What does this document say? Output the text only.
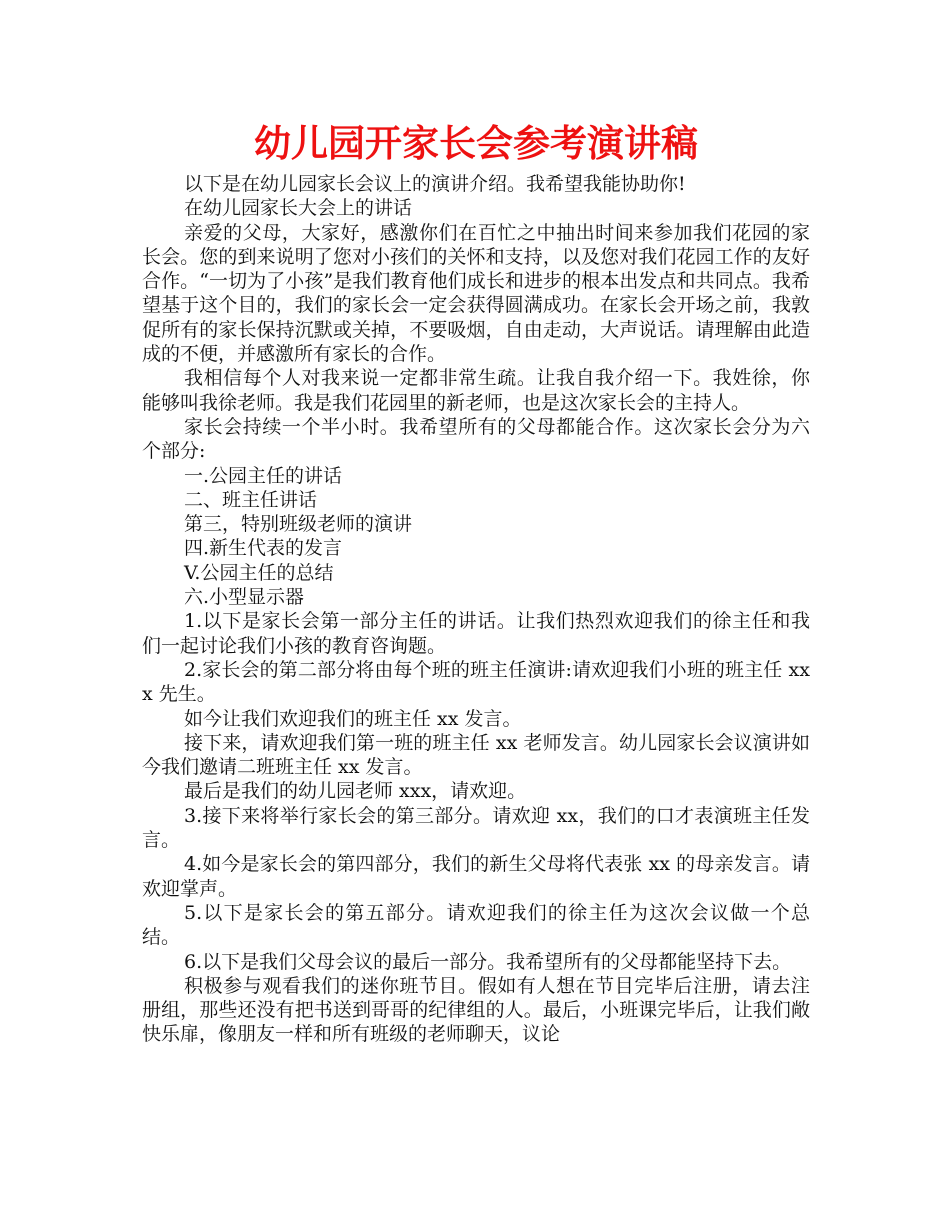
幼儿园开家长会参考演讲稿

以下是在幼儿园家长会议上的演讲介绍。我希望我能协助你!

在幼儿园家长大会上的讲话

亲爱的父母，大家好，感激你们在百忙之中抽出时间来参加我们花园的家长会。您的到来说明了您对小孩们的关怀和支持，以及您对我们花园工作的友好合作。“一切为了小孩”是我们教育他们成长和进步的根本出发点和共同点。我希望基于这个目的，我们的家长会一定会获得圆满成功。在家长会开场之前，我敦促所有的家长保持沉默或关掉，不要吸烟，自由走动，大声说话。请理解由此造成的不便，并感激所有家长的合作。

我相信每个人对我来说一定都非常生疏。让我自我介绍一下。我姓徐，你能够叫我徐老师。我是我们花园里的新老师，也是这次家长会的主持人。

家长会持续一个半小时。我希望所有的父母都能合作。这次家长会分为六个部分:

一.公园主任的讲话

二、班主任讲话

第三，特别班级老师的演讲

四.新生代表的发言

V.公园主任的总结

六.小型显示器

1.以下是家长会第一部分主任的讲话。让我们热烈欢迎我们的徐主任和我们一起讨论我们小孩的教育咨询题。

2.家长会的第二部分将由每个班的班主任演讲:请欢迎我们小班的班主任 xxx 先生。

如今让我们欢迎我们的班主任 xx 发言。

接下来，请欢迎我们第一班的班主任 xx 老师发言。幼儿园家长会议演讲如今我们邀请二班班主任 xx 发言。

最后是我们的幼儿园老师 xxx，请欢迎。

3.接下来将举行家长会的第三部分。请欢迎 xx，我们的口才表演班主任发言。

4.如今是家长会的第四部分，我们的新生父母将代表张 xx 的母亲发言。请欢迎掌声。

5.以下是家长会的第五部分。请欢迎我们的徐主任为这次会议做一个总结。

6.以下是我们父母会议的最后一部分。我希望所有的父母都能坚持下去。

积极参与观看我们的迷你班节目。假如有人想在节目完毕后注册，请去注册组，那些还没有把书送到哥哥的纪律组的人。最后，小班课完毕后，让我们敞快乐扉，像朋友一样和所有班级的老师聊天，议论
